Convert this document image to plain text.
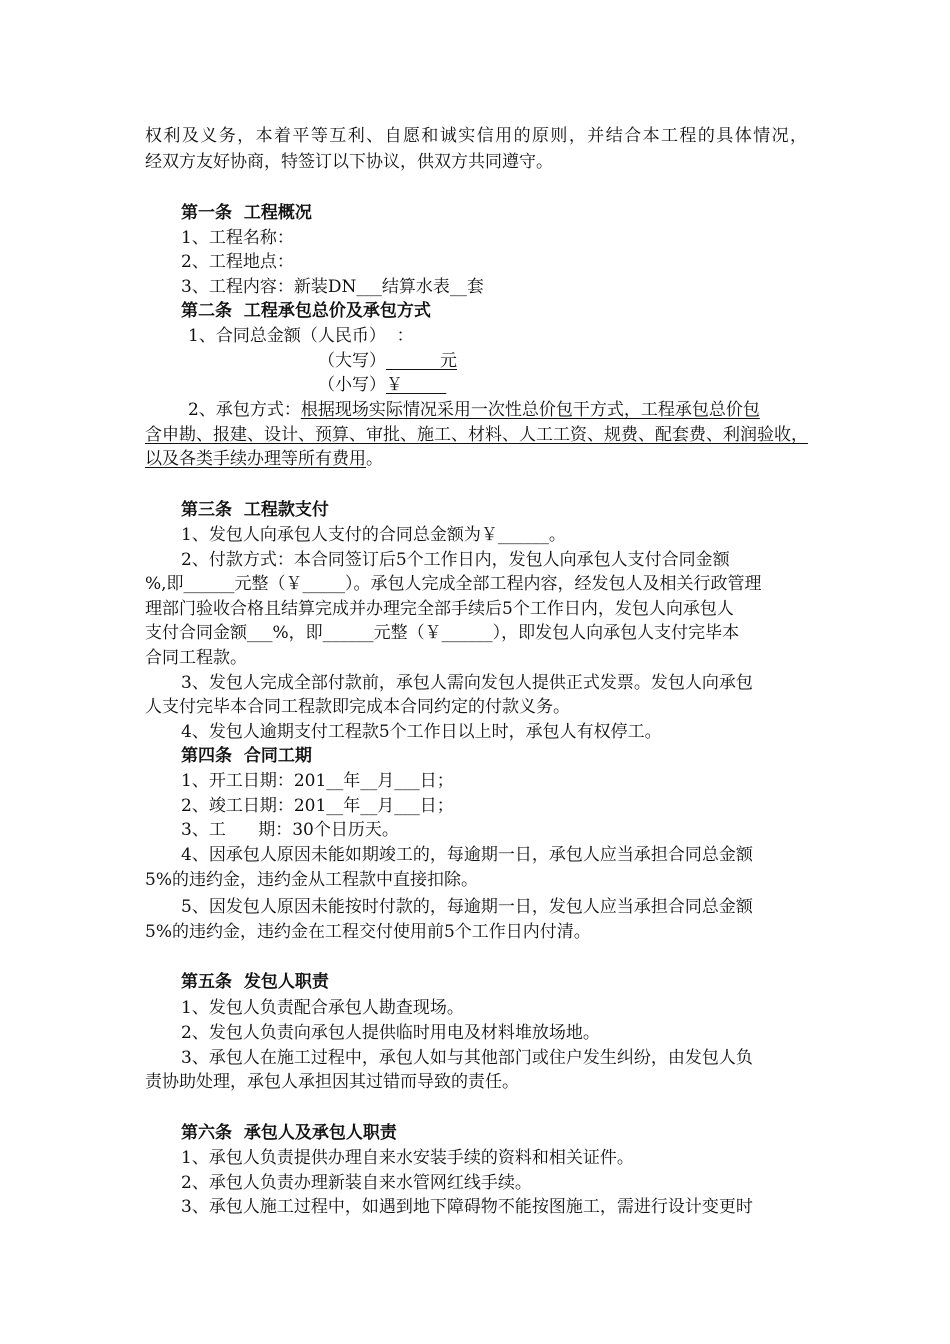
权利及义务，本着平等互利、自愿和诚实信用的原则，并结合本工程的具体情况，
经双方友好协商，特签订以下协议，供双方共同遵守。
第一条  工程概况
1、工程名称：
2、工程地点：
3、工程内容：新装DN___结算水表__套
第二条  工程承包总价及承包方式
1、合同总金额（人民币）  ：
（大写）          元
（小写）￥
2、承包方式：根据现场实际情况采用一次性总价包干方式，工程承包总价包
含申勘、报建、设计、预算、审批、施工、材料、人工工资、规费、配套费、利润验收，
以及各类手续办理等所有费用。
第三条  工程款支付
1、发包人向承包人支付的合同总金额为￥______。
2、付款方式：本合同签订后5个工作日内，发包人向承包人支付合同金额
%,即______元整（￥_____）。承包人完成全部工程内容，经发包人及相关行政管理
理部门验收合格且结算完成并办理完全部手续后5个工作日内，发包人向承包人
支付合同金额___%，即______元整（￥______），即发包人向承包人支付完毕本
合同工程款。
3、发包人完成全部付款前，承包人需向发包人提供正式发票。发包人向承包
人支付完毕本合同工程款即完成本合同约定的付款义务。
4、发包人逾期支付工程款5个工作日以上时，承包人有权停工。
第四条  合同工期
1、开工日期：201__年__月___日；
2、竣工日期：201__年__月___日；
3、工      期：30个日历天。
4、因承包人原因未能如期竣工的，每逾期一日，承包人应当承担合同总金额
5%的违约金，违约金从工程款中直接扣除。
5、因发包人原因未能按时付款的，每逾期一日，发包人应当承担合同总金额
5%的违约金，违约金在工程交付使用前5个工作日内付清。
第五条  发包人职责
1、发包人负责配合承包人勘查现场。
2、发包人负责向承包人提供临时用电及材料堆放场地。
3、承包人在施工过程中，承包人如与其他部门或住户发生纠纷，由发包人负
责协助处理，承包人承担因其过错而导致的责任。
第六条  承包人及承包人职责
1、承包人负责提供办理自来水安装手续的资料和相关证件。
2、承包人负责办理新装自来水管网红线手续。
3、承包人施工过程中，如遇到地下障碍物不能按图施工，需进行设计变更时
